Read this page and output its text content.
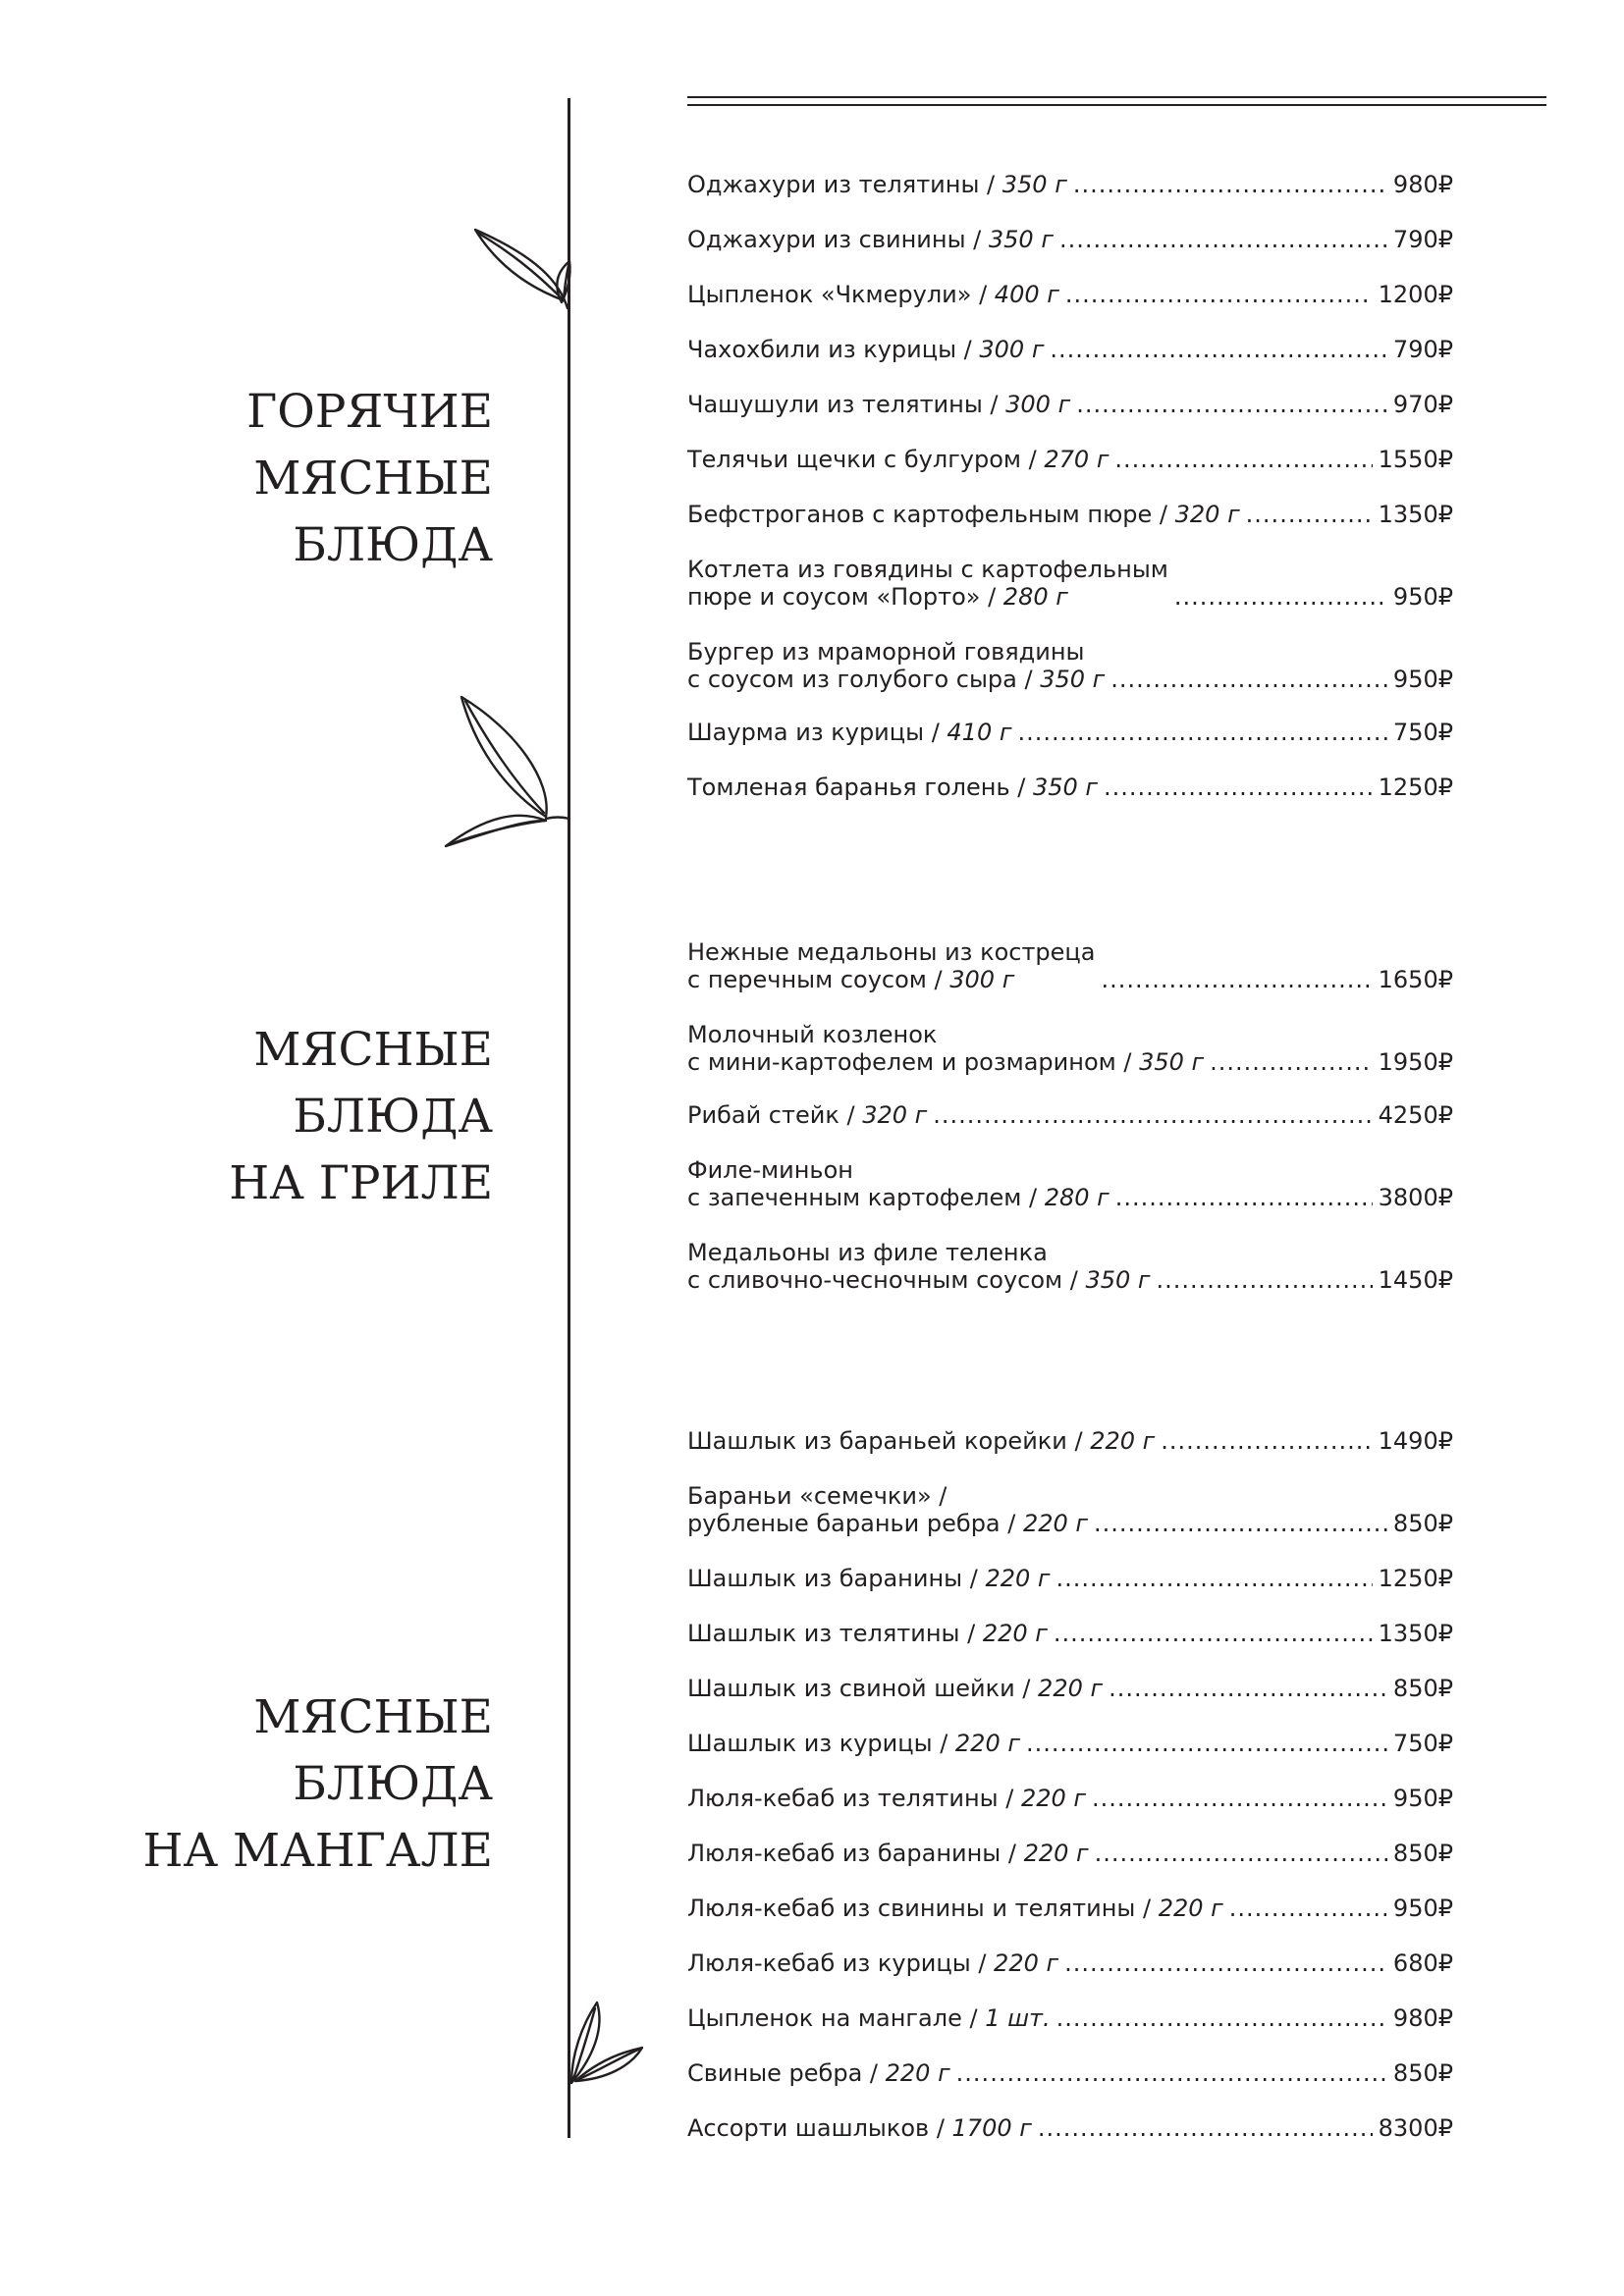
ГОРЯЧИЕ
МЯСНЫЕ
БЛЮДА
Оджахури из телятины / 350 г .....	980₽
Оджахури из свинины / 350 г .....	790₽
Цыпленок «Чкмерули» / 400 г .....	1200₽
Чахохбили из курицы / 300 г .....	790₽
Чашушули из телятины / 300 г .....	970₽
Телячьи щечки с булгуром / 270 г .....	1550₽
Бефстроганов с картофельным пюре / 320 г .....	1350₽
Котлета из говядины с картофельным
пюре и соусом «Порто» / 280 г .....	950₽
Бургер из мраморной говядины
с соусом из голубого сыра / 350 г .....	950₽
Шаурма из курицы / 410 г .....	750₽
Томленая баранья голень / 350 г .....	1250₽
МЯСНЫЕ
БЛЮДА
НА ГРИЛЕ
Нежные медальоны из костреца
с перечным соусом / 300 г .....	1650₽
Молочный козленок
с мини-картофелем и розмарином / 350 г .....	1950₽
Рибай стейк / 320 г .....	4250₽
Филе-миньон
с запеченным картофелем / 280 г .....	3800₽
Медальоны из филе теленка
с сливочно-чесночным соусом / 350 г .....	1450₽
МЯСНЫЕ
БЛЮДА
НА МАНГАЛЕ
Шашлык из бараньей корейки / 220 г .....	1490₽
Бараньи «семечки» /
рубленые бараньи ребра / 220 г .....	850₽
Шашлык из баранины / 220 г .....	1250₽
Шашлык из телятины / 220 г .....	1350₽
Шашлык из свиной шейки / 220 г .....	850₽
Шашлык из курицы / 220 г .....	750₽
Люля-кебаб из телятины / 220 г .....	950₽
Люля-кебаб из баранины / 220 г .....	850₽
Люля-кебаб из свинины и телятины / 220 г .....	950₽
Люля-кебаб из курицы / 220 г .....	680₽
Цыпленок на мангале / 1 шт. .....	980₽
Свиные ребра / 220 г .....	850₽
Ассорти шашлыков / 1700 г .....	8300₽
